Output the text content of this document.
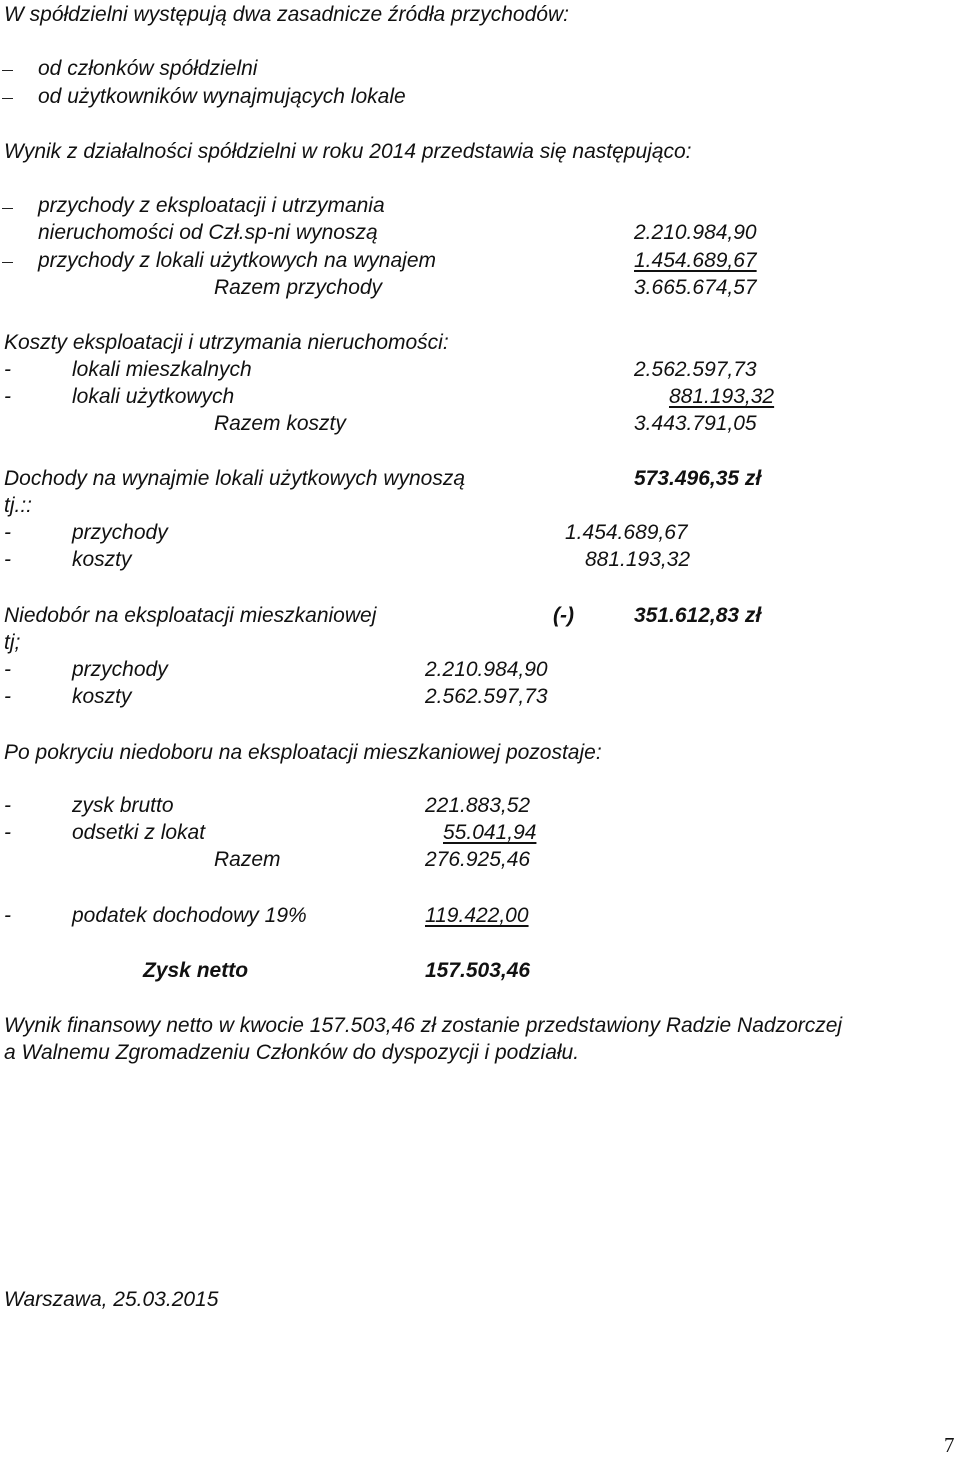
W spółdzielni występują dwa zasadnicze źródła przychodów:
od członków spółdzielni
od użytkowników wynajmujących lokale
Wynik z działalności spółdzielni w roku 2014 przedstawia się następująco:
przychody z eksploatacji i utrzymania
nieruchomości od Czł.sp-ni wynoszą	2.210.984,90
przychody z lokali użytkowych na wynajem	1.454.689,67
Razem przychody	3.665.674,57
Koszty eksploatacji i utrzymania nieruchomości:
-	lokali mieszkalnych	2.562.597,73
-	lokali użytkowych	881.193,32
Razem koszty	3.443.791,05
Dochody na wynajmie lokali użytkowych wynoszą	573.496,35 zł
tj.::
-	przychody	1.454.689,67
-	koszty	881.193,32
Niedobór na eksploatacji mieszkaniowej	(-)	351.612,83 zł
tj;
-	przychody	2.210.984,90
-	koszty	2.562.597,73
Po pokryciu niedoboru na eksploatacji mieszkaniowej pozostaje:
-	zysk brutto	221.883,52
-	odsetki z lokat	55.041,94
Razem	276.925,46
-	podatek dochodowy 19%	119.422,00
Zysk netto	157.503,46
Wynik finansowy netto w kwocie 157.503,46 zł zostanie przedstawiony Radzie Nadzorczej
a Walnemu Zgromadzeniu Członków do dyspozycji i podziału.
Warszawa, 25.03.2015
7
